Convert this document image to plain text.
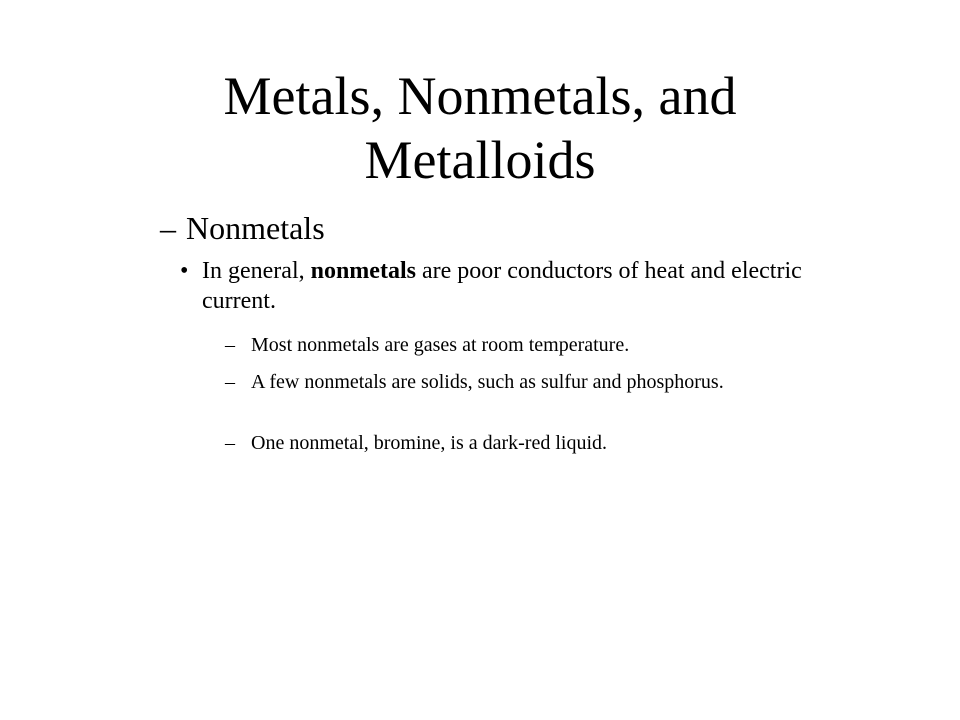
Metals, Nonmetals, and Metalloids

– Nonmetals

• In general, nonmetals are poor conductors of heat and electric current.

– Most nonmetals are gases at room temperature.

– A few nonmetals are solids, such as sulfur and phosphorus.

– One nonmetal, bromine, is a dark-red liquid.
